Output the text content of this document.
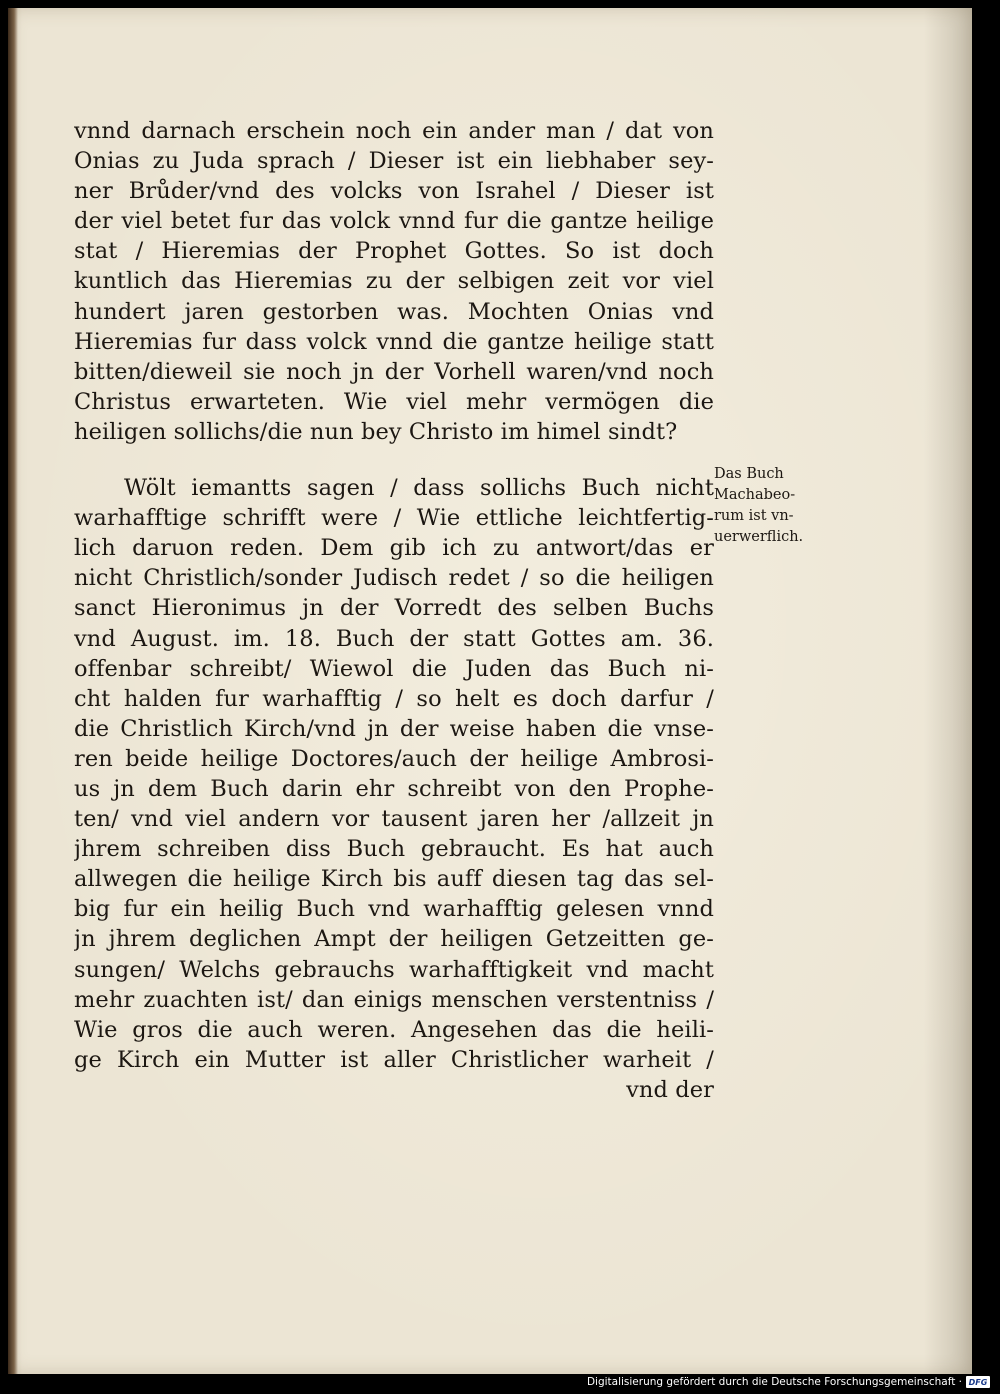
vnnd darnach erschein noch ein ander man / dat von
Onias zu Juda sprach / Dieser ist ein liebhaber sey-
ner Brůder/vnd des volcks von Israhel / Dieser ist
der viel betet fur das volck vnnd fur die gantze heilige
stat / Hieremias der Prophet Gottes. So ist doch
kuntlich das Hieremias zu der selbigen zeit vor viel
hundert jaren gestorben was. Mochten Onias vnd
Hieremias fur dass volck vnnd die gantze heilige statt
bitten/dieweil sie noch jn der Vorhell waren/vnd noch
Christus erwarteten. Wie viel mehr vermögen die
heiligen sollichs/die nun bey Christo im himel sindt?
Wölt iemantts sagen / dass sollichs Buch nicht
warhafftige schrifft were / Wie ettliche leichtfertig-
lich daruon reden. Dem gib ich zu antwort/das er
nicht Christlich/sonder Judisch redet / so die heiligen
sanct Hieronimus jn der Vorredt des selben Buchs
vnd August. im. 18. Buch der statt Gottes am. 36.
offenbar schreibt/ Wiewol die Juden das Buch ni-
cht halden fur warhafftig / so helt es doch darfur /
die Christlich Kirch/vnd jn der weise haben die vnse-
ren beide heilige Doctores/auch der heilige Ambrosi-
us jn dem Buch darin ehr schreibt von den Prophe-
ten/ vnd viel andern vor tausent jaren her /allzeit jn
jhrem schreiben diss Buch gebraucht. Es hat auch
allwegen die heilige Kirch bis auff diesen tag das sel-
big fur ein heilig Buch vnd warhafftig gelesen vnnd
jn jhrem deglichen Ampt der heiligen Getzeitten ge-
sungen/ Welchs gebrauchs warhafftigkeit vnd macht
mehr zuachten ist/ dan einigs menschen verstentniss /
Wie gros die auch weren. Angesehen das die heili-
ge Kirch ein Mutter ist aller Christlicher warheit /
vnd der
Das Buch
Machabeo-
rum ist vn-
uerwerflich.
Digitalisierung gefördert durch die Deutsche Forschungsgemeinschaft · DFG
